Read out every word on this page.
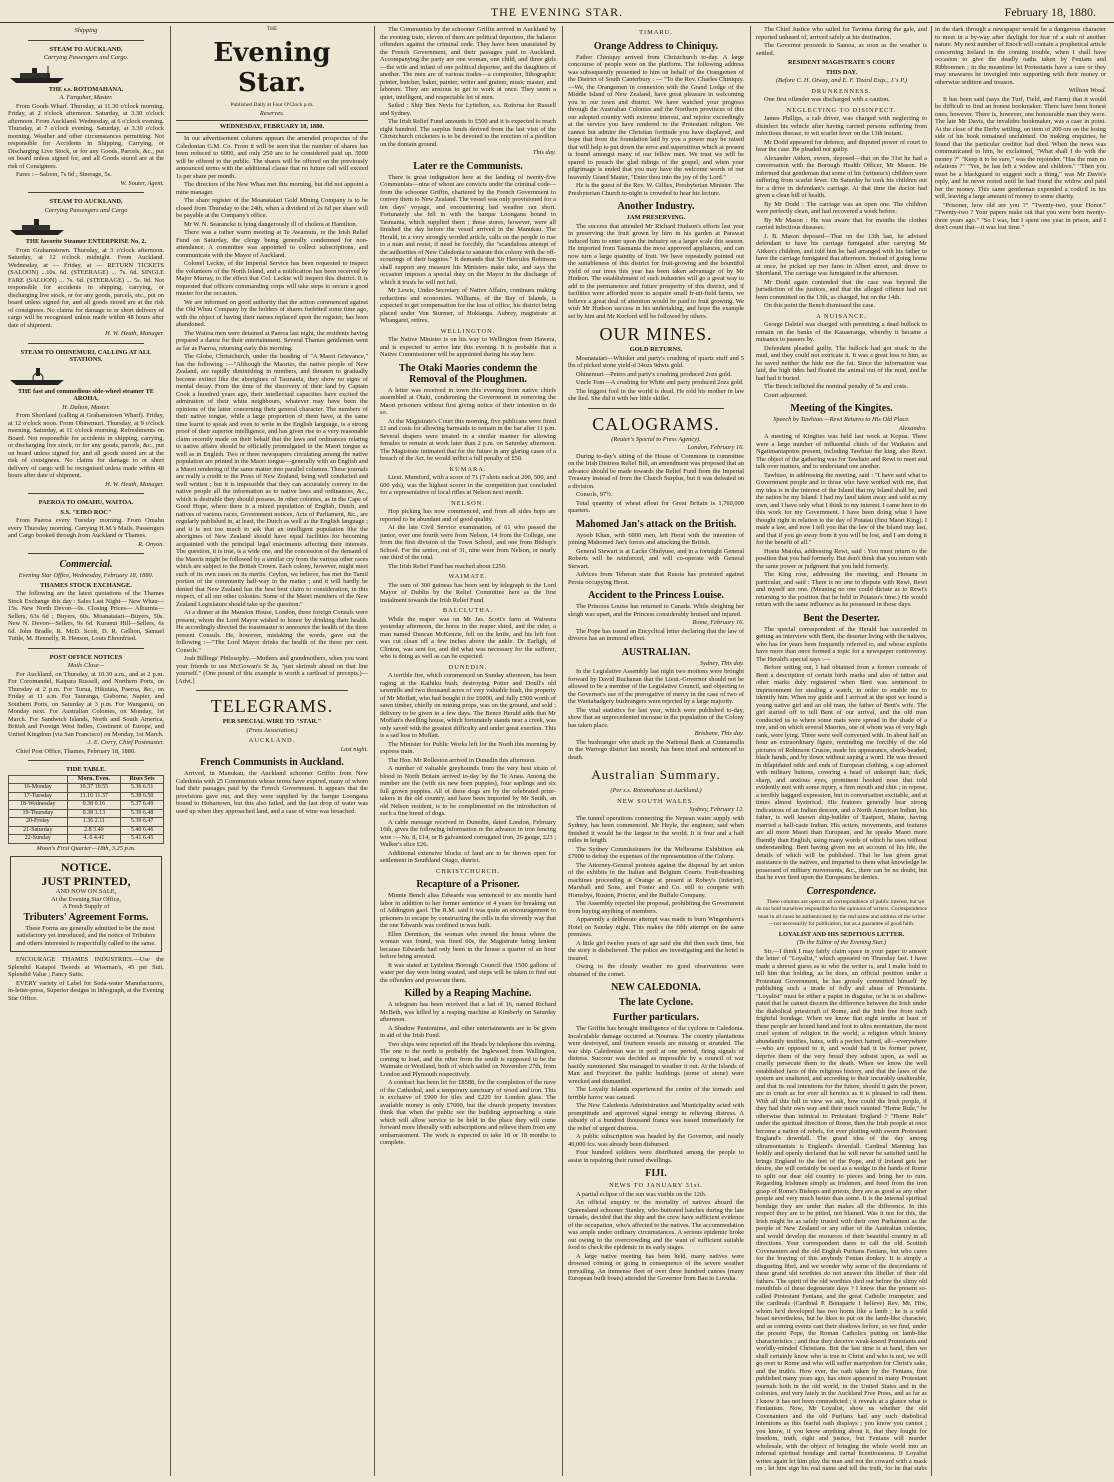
THE EVENING STAR.	February 18, 1880.
Shipping
STEAM TO AUCKLAND,
Carrying Passengers and Cargo.
THE s.s. ROTOMAHANA.
A. Farquhar, Master.

From Goods Wharf. Thursday, at 11.30 o'clock morning. Friday, at 2 o'clock afternoon. Saturday, at 3.30 o'clock afternoon. From Auckland. Wednesday, at 6 o'clock evening. Thursday, at 7 o'clock evening. Saturday, at 3.30 o'clock morning. Weather and other circumstances permitting. Not responsible for Accidents in Shipping, Carrying, or Discharging Live Stock, or for any Goods, Parcels, &c., put on board unless signed for, and all Goods stored are at the risk of Consignees.

Fares :—Saloon, 7s 6d ; Steerage, 5s.

W. Souter, Agent.
STEAM TO AUCKLAND,
Carrying Passengers and Cargo
THE favorite Steamer ENTERPRISE No. 2.

From Grahamstown. Thursday, at 3 o'clock afternoon. Saturday, at 12 o'clock midnight. From Auckland. Wednesday, at — Friday, at — RETURN TICKETS (SALOON) ...10s. 6d. (STEERAGE) ... 7s. 6d. SINGLE FARE (SALOON) ... 7s. 6d. (STEERAGE) ... 5s. 0d. Not responsible for accidents in shipping, carrying, or discharging live stock, or for any goods, parcels, etc., put on board unless signed for, and all goods stored are at the risk of consignees. No claims for damage to or short delivery of cargo will be recognised unless made within 48 hours after date of shipment.

H. W. Heath, Manager.
STEAM TO OHINEMURI, CALLING AT ALL STATIONS.
THE fast and commodious side-wheel steamer TE AROHA,
H. Dalton, Master.

From Shortland (calling at Grahamstown Wharf). Friday, at 12 o'clock noon. From Ohinemuri. Thursday, at 9 o'clock morning. Saturday, at 11 o'clock morning. Refreshments on Board. Not responsible for accidents in shipping, carrying, or discharging live stock, or for any goods, parcels, &c., put on board unless signed for, and all goods stored are at the risk of consignees. No claims for damage to or short delivery of cargo will be recognised unless made within 48 hours after date of shipment.

H. W. Heath, Manager.
PAEROA TO OMAHU, WAITOA.
S.S. "EIRO ROC"

From Paeroa every Tuesday morning. From Omahu every Thursday morning. Carrying H.M.'s Mails. Passengers and Cargo booked through from Auckland or Thames.

R. Onyon.
Commercial.
Evening Star Office, Wednesday, February 18, 1880.
THAMES STOCK EXCHANGE.

The following are the latest quotations of the Thames Stock Exchange this day : Sales Last Night— New Whau—15s. New North Devon—9s. Closing Prices— Alburnia—Sellers, 63s 6d ; Buyers, 60s. Moanataiari—Buyers, 50s. New N. Devon—Sellers, 9s 6d. Kuranui Hill—Sellers, 6s 6d. John Bradle, R. McD. Scott, D. R. Gellion, Samuel Tuttle, M. Hennelly, R. Henson, Louis Ehrenfried.

POST OFFICE NOTICES
Mails Close—

For Auckland, on Thursday, at 10.30 a.m., and at 2 p.m. For Coromandel, Kaipara Russell, and Northern Ports, on Thursday at 2 p.m. For Turua, Hikutaia, Paeroa, &c., on Friday at 11 a.m. For Tauranga, Gisborne, Napier, and Southern Ports, on Saturday at 3 p.m. For Wanganui, on Monday next. For Australian Colonies, on Monday, 1st March. For Sandwich Islands, North and South America, British and Foreign West Indies, Continent of Europe, and United Kingdom (via San Francisco) on Monday, 1st March.

J. E. Corry, Chief Postmaster.

Chief Post Office, Thames, February 18, 1880.

TIDE TABLE.
	Morn. Even.	Rises Sets
16-Monday	10.37 10.55	5.36 6.51
17-Tuesday	11.16 11.37	5.38 6.50
18-Wednesday	0.38 0.16	5.37 6.49
19-Thursday	0.38 1.13	5.39 6.48
20-Friday	1.36 2.11	5.39 6.47
21-Saturday	2.8 3.40	5.40 6.46
22-Sunday	4. 6 4.41	5.41 6.45
Moon's First Quarter—18th, 3.25 p.m.
NOTICE.
JUST PRINTED,
AND NOW ON SALE,
At the Evening Star Office,
A Fresh Supply of
Tributers' Agreement Forms.

These Forms are generally admitted to be the most satisfactory yet introduced, and the notice of Tributers and others interested is respectfully called to the same.

ENCOURAGE THAMES INDUSTRIES.—Use the Splendid Kaiapoi Tweeds at Wiseman's, 45 per Suit. Splendid Value ; Fancy Suits.

EVERY variety of Label for Soda-water Manufacturers, in-letter-press, Superior designs in lithograph, at the Evening Star Office.

THE
Evening Star.
Published Daily at Four O'Clock p.m.
Reserves.
WEDNESDAY, FEBRUARY 18, 1880.

In our advertisement columns appears the amended prospectus of the Caledonian G.M. Co. From it will be seen that the number of shares has been reduced to 6000, and only 250 are to be considered paid up. 5000 will be offered to the public. The shares will be offered on the previously announced terms with the additional clause that no future call will exceed 1s per share per month.

The directors of the New Whau met this morning, but did not appoint a mine manager.

The share register of the Moanataiari Gold Mining Company is to be closed from Thursday to the 24th, when a dividend of 2s 6d per share will be payable at the Company's office.

Mr W. N. Searancke is lying dangerously ill of cholera at Hamilton.

There was a rather warm meeting at Te Awamutu, re the Irish Relief Fund on Saturday, the clergy being generally condemned for non-attendance. A committee was appointed to collect subscriptions, and communicate with the Mayor of Auckland.

Colonel Leckie, of the Imperial Service has been requested to inspect the volunteers of the North Island, and a notification has been received by Major Murray, to the effect that Col. Leckie will inspect this district. It is requested that officers commanding corps will take steps to secure a good muster for the occasion.

We are informed on good authority that the action commenced against the Old Whau Company by the holders of shares forfeited some time ago, with the object of having their names replaced upon the register, has been abandoned.

The Waitoa men were detained at Paeroa last night, the residents having prepared a dance for their entertainment. Several Thames gentlemen went as far as Paeroa, returning early this morning.

The Globe, Christchurch, under the heading of "A Maori Grievance," has the following :—"Although the Maories, the native people of New Zealand, are rapidly diminishing in numbers, and threaten to gradually become extinct like the aborigines of Tasmania, they show no signs of mental decay. From the time of the discovery of their land by Captain Cook a hundred years ago, their intellectual capacities have excited the admiration of their white neighbours, whatever may have been the opinions of the latter concerning their general character. The numbers of their native tongue, while a large proportion of them have, at the same time learnt to speak and even to write in the English language, is a strong proof of their superior intelligence, and has given rise to a very reasonable claim recently made on their behalf that the laws and ordinances relating to native affairs should be officially promulgated in the Maori tongue as well as in English. Two or three newspapers circulating among the native population are printed in the Maori tongue—generally with an English and a Maori rendering of the same matter into parallel columns. These journals are really a credit to the Press of New Zealand, being well conducted and well written ; but it is impossible that they can accurately convey to the native people all the information as to native laws and ordinances, &c., which is desirable they should possess. In other colonies, as in the Cape of Good Hope, where there is a mixed population of English, Dutch, and natives of various races, Government notices, Acts of Parliament, &c., are regularly published in, at least, the Dutch as well as the English language ; and it is not too much to ask that an intelligent population like the aborigines of New Zealand should have equal facilities for becoming acquainted with the principal legal enactments affecting their interests. The question, it is true, is a wide one, and the concession of the demand of the Maoris might be followed by a similar cry from the various other races which are subject to the British Crown. Each colony, however, might meet such of its own cases on its merits. Ceylon, we believe, has met the Tamil portion of the community half-way in the matter ; and it will hardly be denied that New Zealand has the best best claim to consideration, in this respect, of all our other colonies. Some of the Maori members of the New Zealand Legislature should take up the question."

At a dinner at the Mansion House, London, three foreign Consuls were present, whom the Lord Mayor wished to honor by drinking their health. He accordingly directed the toastmaster to announce the health of the three present Consuls. He, however, mistaking the words, gave out the following :—"The Lord Mayor drinks the health of the three per cent. Consols."

Josh Billings' Philosophy.—Mothers and grandmothers, when you want your friends to use McGowan's St Ja, "just skrimsh ahead on that line yourself." (One pound of this example is worth a cartload of precepts.)—[Advt.]

TELEGRAMS.
PER SPECIAL WIRE TO "STAR."
(Press Association.)
AUCKLAND.
Last night.
French Communists in Auckland.

Arrived, in Manukau, the Auckland schooner Griffin from New Caledonia with 25 Communists whose terms have expired, many of whom had their passages paid by the French Government. It appears that the provisions gave out, and they were supplied by the barque Loongana bound to Hobartown, but this also failed, and the last drop of water was used up when they approached land, and a case of wine was broached.

The Communists by the schooner Griffin arrived in Auckland by the evening train, eleven of them are political deportees, the balance offenders against the criminal code. They have been unassisted by the French Government, and their passages paid to Auckland. Accompanying the party are one woman, one child, and three girls—the wife and infant of one political deportee, and the daughters of another. The men are of various trades—a compositor, lithographic printer, butcher, baker, painter, writer and grainer, music master, and laborers. They are anxious to get to work at once. They seem a quiet, intelligent, and respectable lot of men.

Sailed : Ship Ben Nevis for Lyttelton, s.s. Rotorua for Russell and Sydney.

The Irish Relief Fund amounts to £500 and it is expected to reach eight hundred. The surplus funds derived from the last visit of the Christchurch cricketers is to be devoted to the erection of a pavilion on the domain ground.

This day.
Later re the Communists.

There is great indignation here at the landing of twenty-five Communists—nine of whom are convicts under the criminal code—from the schooner Griffin, chartered by the French Government to convey them to New Zealand. The vessel was only provisioned for a ten days' voyage, and encountering bad weather ran short. Fortunately she fell in with the barque Loongana bound to Tasmania, which supplied them ; these stores, however, were all finished the day before the vessel arrived in the Manukau. The Herald, in a very strongly worded article, calls on the people to rise to a man and resist, if need be forcibly, the "scandalous attempt of the authorities of New Caledonia to saturate this colony with the off-scourings of their bagnios." It demands that Sir Hercules Robinson shall support any measure his Ministers make take, and says the occasion imposes a special duty on the Mayor in the discharge of which it trusts he will not fail.

Mr Lewis, Under-Secretary of Native Affairs, continues making reductions and economies. Williams, of the Bay of Islands, is expected to get compensation for the loss of office, his district being placed under Von Sturmer, of Hokianga. Aubrey, magistrate at Whangarei, retires.

WELLINGTON.

The Native Minister is on his way to Wellington from Hawera, and is expected to arrive late this evening. It is probable that a Native Commissioner will be appointed during his stay here.

The Otaki Maories condemn the Removal of the Ploughmen.

A letter was received in town this evening from native chiefs assembled at Otaki, condemning the Government in removing the Maori prisoners without first giving notice of their intention to do so.

At the Magistrate's Court this morning, five publicans were fined £1 and costs for allowing barmaids to remain in the bar after 11 p.m. Several drapers were treated in a similar manner for allowing females to remain at work later than 2 p.m. on Saturday afternoon. The Magistrate intimated that for the future in any glaring cases of a breach of the Act, he would inflict a full penalty of £50.

KUMARA.

Lieut. Mumford, with a score of 71 (7 shots each at 200, 500, and 600 yds), was the highest scorer in the competition just concluded for a representative of local rifles at Nelson next month.

NELSON.

Hop picking has now commenced, and from all sides hops are reported to be abundant and of good quality.

At the late Civil Service examination, of 61 who passed the junior, over one fourth were from Nelson, 14 from the College, one from the first division of the Town School, and one from Bishop's School. For the senior, out of 31, nine were from Nelson, or nearly one third of the total.

The Irish Relief Fund has reached about £250.

WAIMATE.

The sum of 300 guineas has been sent by telegraph to the Lord Mayor of Dublin by the Relief Committee here as the first instalment towards the Irish Relief Fund.

BALCLUTHA.

While the reaper was on Mr Jas. Scott's farm at Waiwera yesterday afternoon, the horse in the reaper shied, and the rider, a man named Duncan McKenzie, fell on the knife, and his left foot was cut clean off a few inches above the ankle. Dr Earligh, of Clinton, was sent for, and did what was necessary for the sufferer, who is doing as well as can be expected.

DUNEDIN.

A terrible fire, which commenced on Sunday afternoon, has been raging at the Kaihiku bush, destroying Potter and Doull's old sawmills and two thousand acres of very valuable bush, the property of Mr Moffatt, who had bought it for £6000, and fully £500 worth of sawn timber, chiefly on mining props, was on the ground, and sold ; delivery to be given in a few days. The Bence Herald adds that Mr Moffatt's dwelling house, which fortunately stands near a creek, was only saved with the greatest difficulty and under great exertion. This is a sad loss to Moffatt.

The Minister for Public Works left for the North this morning by express train.

The Hon. Mr Rolleston arrived in Dunedin this afternoon.

A number of valuable greyhounds from the very best strain of blood in North Britain arrived to-day by the Te Anau. Among the number are the (with six new born puppies), four saplings and six full grown puppies. All of these dogs are by the celebrated prize-takers in the old country, and have been imported by Mr Smith, an old Nelson resident, is to be complimented on the introduction of such a fine breed of dogs.

A cable message received in Dunedin, dated London, February 16th, gives the following information re the advance in iron fencing wire :—No. 8, £14, or B galvanized corrugated iron, 26 gauge, £23 ; Walker's slice £26.

Additional extensive blocks of land are to be thrown open for settlement in Southland Otago, district.

CHRISTCHURCH.
Recapture of a Prisoner.

Minnie Bench alias Edwards was sentenced to six months hard labor in addition to her former sentence of 4 years for breaking out of Addington gaol. The R.M. said it was quite an encouragement to prisoners to escape by constructing the cells in the slovenly way that the one Edwards was confined in was built.

Ellen Dennison, the woman who owned the house where the woman was found, was fined 60s, the Magistrate being lenient because Edwards had only been in the house a quarter of an hour before being arrested.

It was stated at Lyttelton Borough Council that 1500 gallons of water per day were being wasted, and steps will be taken to find out the offenders and prosecute them.

Killed by a Reaping Machine.

A telegram has been received that a lad of 16, named Richard McBeth, was killed by a reaping machine at Kimberly on Saturday afternoon.

A Shadow Pantomime, and other entertainments are to be given in aid of the Irish Fund.

Two ships were reported off the Heads by telephone this evening. The one to the north is probably the Ingleweed from Wellington, coming to load, and the other from the south is supposed to be the Waimate or Westland, both of which sailed on November 27th, from London and Plymouth respectively.

A contract has been let for £8588, for the completion of the nave of the Cathedral, and a temporary sanctuary of wood and iron. This is exclusive of £900 for tiles and £220 for London glass. The available money is only £7600, but the church property investees think that when the public see the building approaching a state which will allow service to be held in the place they will come forward more liberally with subscriptions and relieve them from any embarrassment. The work is expected to take 18 or 18 months to complete.

TIMARU.
Orange Address to Chiniquy.

Father Chiniquy arrived from Christchurch to-day. A large concourse of people were on the platform. The following address was subsequently presented to him on behalf of the Orangemen of the District of South Canterbury : — "To the Rev. Charles Chiniquy.—We, the Orangemen in connexion with the Grand Lodge of the Middle Island of New Zealand, have great pleasure in welcoming you to our town and district. We have watched your progress through the Australian Colonies and the Northern provinces of this our adopted country with extreme interest, and rejoice exceedingly at the service you have rendered to the Protestant religion. We cannot but admire the Christian fortitude you have displayed, and hope that from the foundation laid by you a power may be raised that will help to put down the error and superstition which at present is found amongst many of our fellow men. We trust we will be spared to preach the glad tidings of the gospel, and when your pilgrimage is ended that you may have the welcome words of our heavenly Grand Master, "Enter thou into the joy of thy Lord."

He is the guest of the Rev. W. Gillies, Presbyterian Minister. The Presbyterian Church to-night is crowded to hear his lecture.

Another Industry.
JAM PRESERVING.

The success that attended Mr Richard Hudson's efforts last year in preserving the fruit grown by him in his garden at Parawai induced him to enter upon the industry on a larger scale this season. He imported from Tasmania the most approved appliances, and can now turn a large quantity of fruit. We have repeatedly pointed out the suitableness of this district for fruit-growing and the bountiful yield of our trees this year has been taken advantage of by Mr Hudson. The establishment of such industries will go a great way to add to the permanence and future prosperity of this district, and if facilities were afforded more to acquire small fr-uit-field farms, we believe a great deal of attention would be paid to fruit growing. We wish Mr Hudson success in his undertaking, and hope the example set by him and Mr Korford will be followed by others.

OUR MINES.
GOLD RETURNS.

Moanataiari—Whisker and party's crushing of quartz stuff and 5 lbs of picked stone yield-d 34ozs 9dwts gold.

Ohinemuri—Peters and party's crushing produced 2ozs gold.

Uncle Tom—A crushing for White and party produced 2ozs gold.

The biggest fool in the world is dead. He told his mother in law she lied. She did it with her little skillet.

CALOGRAMS.
(Reuter's Special to Press Agency).
London, February 16.

During to-day's sitting of the House of Commons in committee on the Irish Distress Relief Bill, an amendment was proposed that an advance should be made towards the Relief Fund from the Imperial Treasury instead of from the Church Surplus, but it was defeated on a division.

Consols, 97½.

Total quantity of wheat afloat for Great Britain is 1,760,000 quarters.

Mahomed Jan's attack on the British.

Ayoob Khan, with 6000 men, left Herat with the intention of joining Mahomed Jan's forces and attacking the British.

General Stewart is at Lacke Ohulyuee, and in a fortnight General Roberts will be reinforced, and will co-operate with General Stewart.

Advices from Teheran state that Russia has protested against Persia occupying Herat.

Accident to the Princess Louise.

The Princess Louise has returned to Canada. While sleighing her sleigh was upset, and the Princess considerably bruised and injured.

Rome, February 16.

The Pope has issued an Encyclical letter declaring that the law of divorce has an immoral effect.

AUSTRALIAN.
Sydney, This day.

In the Legislative Assembly last night two motions were brought forward by David Buchanan that the Lieut.-Governor should not be allowed to be a member of the Legislative Council, and objecting to the Governor's use of the prerogative of mercy in the case of two of the Wantabadgery bushrangers were rejected by a large majority.

The vital statistics for last year, which were published to-day, show that an unprecedented increase in the population of the Colony has taken place.

Brisbane, This day.

The bushranger who stuck up the National Bank at Cunnamulla in the Warrego district last month, has been tried and sentenced to death.

Australian Summary.
(Per s.s. Rotomahana at Auckland.)
NEW SOUTH WALES.
Sydney, February 12.

The tunnel operations connecting the Nepean water supply with Sydney, has been commenced. Mr Heyle, the engineer, said when finished it would be the largest in the world. It is four and a half miles in length.

The Sydney Commissioners for the Melbourne Exhibition ask £7000 to defray the expenses of the representation of the Colony.

The Attorney-General protests against the disposal by art union of the exhibits in the Italian and Belgium Courts. Fruit-thrashing machines proceeding at Orange at present at Robey's (inferior), Marshall and Sons, and Foster and Co. still to compete with Hornsbys, Ruston, Proctor, and the Buffalo Company.

The Assembly rejected the proposal, prohibiting the Government from buying anything of members.

Apparently a deliberate attempt was made to burn Wingenhavn's Hotel on Sunday night. This makes the fifth attempt on the same premises.

A little girl twelve years of age said she did then each time, but the story is disbelieved. The police are investigating and the hotel is insured.

Owing to the cloudy weather no good observations were obtained of the comet.

NEW CALEDONIA.
The late Cyclone.
Further particulars.

The Griffin has brought intelligence of the cyclone in Caledonia. Incalculable damage occurred at Noumea. The country plantations were destroyed, and fourteen vessels are missing or stranded. The war ship Caledonian was in peril at one period, firing signals of distress. Succour was decided as impossible by a council of war hastily summoned. She managed to weather it out. At the Islands of Man and Freycinet the public buildings (some of stone) were wrecked and dismantled.

The Loyalty Islands experienced the centre of the tornado and terrible havoc was caused.

The New Caledonia Administration and Municipality acted with promptitude and approved signal energy in relieving distress. A subsidy of a hundred thousand francs was issued immediately for the relief of urgent distress.

A public subscription was headed by the Governor, and nearly 40,000 fcs. was already been disbursed.

Four hundred soldiers were distributed among the people to assist in repairing their ruined dwellings.

FIJI.
NEWS TO JANUARY 31st.

A partial eclipse of the sun was visible on the 12th.

An official enquiry re the mortality of natives aboard the Queensland schooner Stanley, who buttoned batches during the late tornado, decided that the ship and the crew have sufficient evidence of the occupation, who's affected to the natives. The accommodation was ample under ordinary circumstances. A serious epidemic broke out owing to the overcrowding and the want of sufficient suitable food to check the epidemic in its early stages.

A large native meeting has been held, many natives were drowned coming or going in consequence of the severe weather prevailing. An immense fleet of over three hundred canoes (many European built boats) attended the Governor from Bau to Lovuka.

The Chief Justice who sailed for Tavinna during the gale, and reported unheard of, arrived safely at his destination.

The Governor proceeds to Samoa, as soon as the weather is settled.

RESIDENT MAGISTRATE'S COURT
THIS DAY.
(Before C. H. Otway, and E. F. Tizard Esqs., J.'s P.)
DRUNKENNESS.

One first offender was discharged with a caution.

NEGLECTING TO DISINFECT.

James Phillips, a cab driver, was charged with neglecting to disinfect his vehicle after having carried persons suffering from infectious disease, to wit scarlet fever on the 13th instant.

Mr Dodd appeared for defence, and disputed power of court to hear the case. He pleaded not guilty.

Alexander Aitken, sworn, deposed—that on the 31st he had a conversation with the Borough Health Officer, Mr Mason. He informed that gentleman that some of his (witness's) children were suffering from scarlet fever. On Saturday he took his children out for a drive in defendant's carriage. At that time the doctor had given a clean bill of health.

By Mr Dodd : The carriage was an open one. The children were perfectly clean, and had recovered a week before.

By Mr Mason : He was aware that for months the clothes carried infectious diseases.

J. B. Mason deposed—That on the 13th last, he advised defendant to have his carriage fumigated after carrying Mr Aitken's children, and told him he had arranged with his father to have the carriage fumigated that afternoon. Instead of going home at once, he picked up two fares in Albert street, and drove to Shortland. The carriage was fumigated in the afternoon.

Mr Dodd again contended that the case was beyond the jurisdiction of the justices, and that the alleged offence had not been committed on the 13th, as charged, but on the 14th.

On this point the Bench dismissed the case.

A NUISANCE.

George Dalziel was charged with permitting a dead bullock to remain on the banks of the Kauaeranga, whereby it became a nuisance to passers by.

Defendant pleaded guilty. The bullock had got stuck in the mud, and they could not extricate it. It was a great loss to him, as he saved neither the hide nor the fat. Since the information was laid, the high tides had floated the animal out of the mud, and he had had it buried.

The Bench inflicted the nominal penalty of 5s and costs.

Court adjourned.

Meeting of the Kingites.
Speech by Tawhiao.—Rewi Returns to His Old Place.
Alexandra.

A meeting of Kingites was held last week at Kopua. There were a large number of influential chiefs of the Waikatos and Ngatimaniapotos present, including Tawhiao the king, also Rewi. The object of the gathering was for Tawhaio and Rewi to meet and talk over matters, and to understand one another.

Tawhiao, in addressing the meeting, said : "I have said what to Government people and to those who have worked with me, that my idea is in the interest of the Island that my Island shall be, and the nation be my Island. I had my land taken away and sold as my own, and I have only what I think to my interest. I came here to do this work for my Government. I have been doing what I have thought right in relation to the day of Potatau (first Maori King). I made a law, and now I tell you that the law of the Island may last, and that if you go away from it you will be lost, and I am doing it for the benefit of all."

Hoeta Maioha, addressing Rewi, said : You must return to the position that you had formerly. But don't think that you return with the same power or judgment that you held formerly.

The King rose, addressing the meeting, and Honana in particular, and said : There is no one to dispute with Rewi, Rewi and myself are one. (Meaning no one could dictate as to Rewi's returning to the position that he held in Potatau's time.) He would return with the same influence as he possessed in those days.

Bent the Deserter.

The special correspondent of the Herald has succeeded in getting an interview with Bent, the deserter living with the natives, who has for years been frequently referred to, and whose exploits have more than once formed a topic for a newspaper controversy. The Herald's special says :—

Before setting out, I had obtained from a former comrade of Bent a description of certain birth marks and also of tattoo and other marks duly registered when Bent was sentenced to imprisonment for stealing a watch, in order to enable me to identify him. When my guide and I arrived at the spot we found a young native girl and an old man, the father of Bent's wife. The girl started off to tell Bent of our arrival, and the old man conducted us to where some mats were spread in the shade of a tree, and on which several Maories, one of whom was of very high rank, were lying. Three were well conversed with. In about half an hour an extraordinary figure, reminding me forcibly of the old pictures of Robinson Crusoe, made his appearance, shock-headed, black hands, and by down without saying a word. He was dressed in dilapidated odds and ends of European clothing, a cap adorned with military buttons, covering a head of unkempt hair, dark, sharp, and anxious eyes, prominent hooked nose that told evidently met with some injury, a firm mouth and chin ; in repose, a terribly haggard expression, but in conversation excitable, and at times almost hysterical. His features generally bear strong indications of an Indian descent, and a North American Indian, his father, is well known ship-builder of Eastport, Maine, having married a half-caste Indian. His action, movements, and features are all more Maori than European, and he speaks Maori more fluently than English, using many words of which he uses without understanding. Bent having given me an account of his life, the details of which will be published. That he has given great assistance to the natives, and imparted to them what knowledge he possessed of military movements, &c., there can be no doubt, but that he ever fired upon the Europeans he denies.

Correspondence.

These columns are open to all correspondence of public interest, but we do not hold ourselves responsible for the opinions of writers. Correspondence must in all cases be authenticated by the real name and address of the writer—not necessarily for publication, but as a guarantee of good faith.

LOYALIST AND HIS SEDITIOUS LETTER.
(To the Editor of the Evening Star.)

Sir,—I think I may fairly claim space in your paper to answer the letter of "Loyalist," which appeared on Thursday last. I have made a shrewd guess as to who the writer is, and I make bold to tell him that holding, as he does, an official position under a Protestant Government, he has grossly committed himself by publishing such a tirade of folly and abuse of Protestants. "Loyalist" must be either a papist in disguise, or he is so shallow-pated that he cannot discern the difference between the Irish under the diabolical priestcraft of Rome, and the Irish free from such frightful bondage. When we know that eight tenths at least of these people are bound hand and foot to ultra montanism, the most cruel system of religion in the world, a religion which history abundantly testifies, hates, with a perfect hatred, all—everywhere—who are opposed to it, and would had it its former power, deprive them of the very bread they subsist upon, as well as cruelly persecute them to the death. When we know the well established facts of this religious history, and that the laws of the system are unaltered, and according to their incurably unalterable, and that its real intentions for the future, should it gain the power, are to crush as for ever all heretics as it is pleased to call them. With all this full in view we ask, how could the Irish people, if they had their own way and their much vaunted "Home Rule," be otherwise than inimical to Protestant England ? "Home Rule" under the spiritual direction of Rome, then the Irish people at once become a nation of rebels, for ever plotting with sworn Protestant England's downfall. The grand idea of the day among ultramontanists is England's downfall. Cardinal Manning has boldly and openly declared that he will never be satisfied until he brings England to the feet of the Pope, and if Ireland gets her desire, she will certainly be used as a wedge in the hands of Rome to split our dear old country to pieces and bring her to ruin. Regarding Irishmen simply as Irishmen, and freed from the iron grasp of Rome's Bishops and priests, they are as good as any other people and very much better than some. It is the internal spiritual bondage they are under that makes all the difference. In this respect they are to be pitied, not blamed. Was it not for this, the Irish might be as safely trusted with their own Parliament as the people of New Zealand or any other of the Australian colonies, and would develop the resources of their beautiful country in all directions. Your correspondent dares to call the old Scottish Covenanters and the old English Puritans Fenians, but who cares for the braying of this anybody Fenian donkey. It is simply a disgusting libel, and we wonder why some of the descendants of these grand old worthies do not answer this libeller of their old fathers. The spirit of the old worthies died out before the slimy old mouthfuls of these degenerate days ? I know that the present so-called Protestant Fenians, and the great Catholic trumpeter, and the cardinals (Cardinal P. Bonaparte I believe) Rev. Mr. Hiw, whom he'd developed has two horns like a lamb ; he is a wild beast nevertheless, but he likes to put on the lamb-like character, and as coming events cast their shadows before, so we find, under the present Pope, the Roman Catholics putting on lamb-like characteristics ; and thus they deceive weak-kneed Protestants and worldly-minded Christians. But the last time is at hand, then we shall certainly know who is true to Christ and who is not, we will go over to Rome and who will suffer martyrdom for Christ's sake, and the truth's. How ever, the oath taken by the Fenians, first published many years ago, has since appeared in many Protestant journals both in the old world, in the United States and in the colonies, and very lately in the Auckland Free Press, and as far as I know it has not been contradicted ; it reveals at a glance what is Fenianism. Now, Mr Loyalist, show us whether the old Covenanters and the old Puritans had any such diabolical intentions as this fearful oath displays ; you know you cannot ; you know, if you know anything about it, that they fought for freedom, truth, right and justice, but Fenians will murder wholesale, with the object of bringing the whole world into an infernal spiritual bondage and carnal licentiousness. If Loyalist writes again let him play the man and not the coward with a mask on ; let him sign his real name and tell the truth, for he that stabs in the dark through a newspaper would be a dangerous character to meet in a by-way after daylight for fear of a stab of another nature. My next number of Enoch will contain a prophetical article concerning Ireland in the coming trouble, when I shall have occasion to give the deadly oaths taken by Fenians and Ribbonmen ; in the meantime let Protestants have a care or they may unawares be inveigled into supporting with their money or otherwise sedition and treason.

William Wood.

It has been said (says the Turf, Field, and Farm) that it would be difficult to find an honest bookmaker. There have been honest ones, however. There is, however, one honourable man they were. The late Mr Davis, the invalides bookmaker, was a case in point. At the close of the Derby settling, on item of 200 ors on the losing side of his book remained unclaimed. On making enquiries, he found that the particular creditor had died. When the news was communicated to him, he exclaimed, "What shall I do with the money ?" "Keep it to be sure," was the rejoinder. "Has the man no relations ?" "Yes, he has left a widow and children." "Then you must be a blackguard to suggest such a thing," was Mr Davis's reply, and he never rested until he had found the widow and paid her the money. This same gentleman expended a codicil in his will, leaving a large amount of money to some charity.

"Prisoner, how old are you ?" "Twenty-two, your Honor." "Twenty-two ? Your papers make out that you were born twenty-three years ago." "So I was, but I spent one year in prison, and I don't count that—it was lost time."
